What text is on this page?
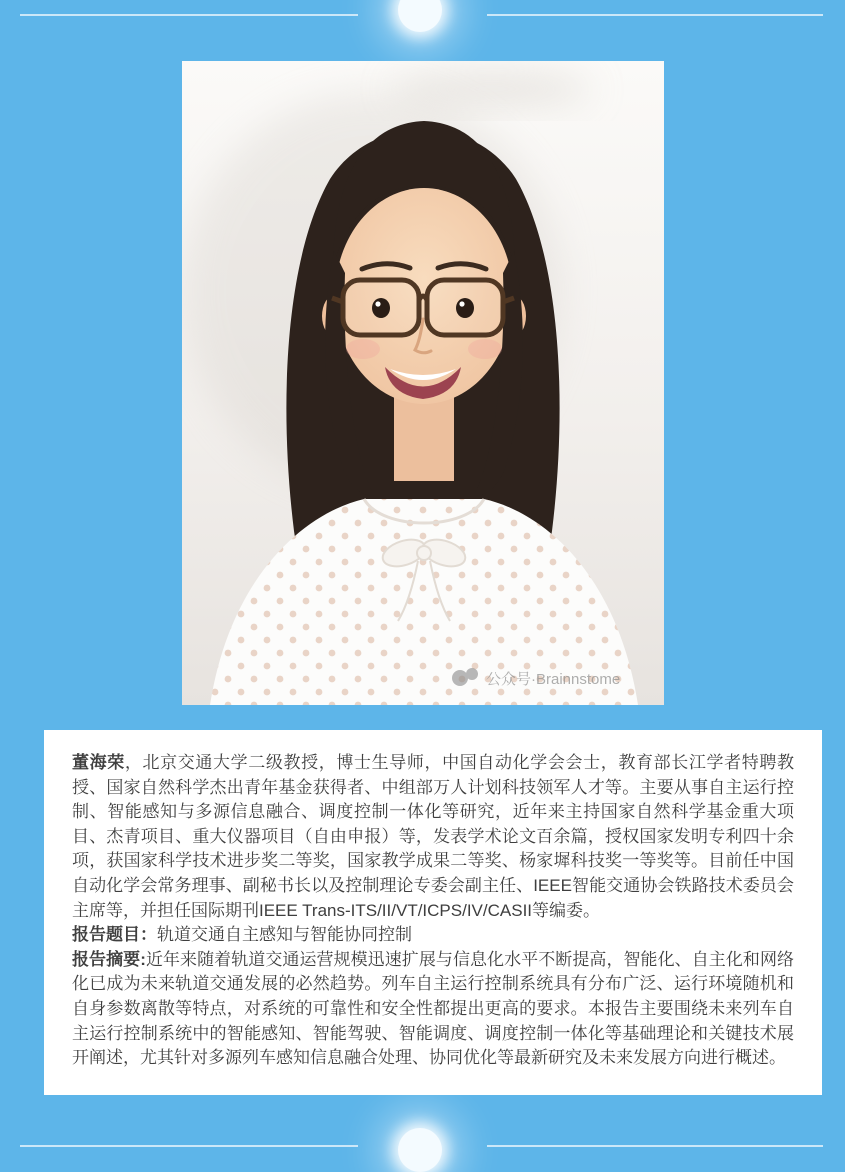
公众号·Brainnstome

董海荣，北京交通大学二级教授，博士生导师，中国自动化学会会士，教育部长江学者特聘教授、国家自然科学杰出青年基金获得者、中组部万人计划科技领军人才等。主要从事自主运行控制、智能感知与多源信息融合、调度控制一体化等研究，近年来主持国家自然科学基金重大项目、杰青项目、重大仪器项目（自由申报）等，发表学术论文百余篇，授权国家发明专利四十余项，获国家科学技术进步奖二等奖，国家教学成果二等奖、杨家墀科技奖一等奖等。目前任中国自动化学会常务理事、副秘书长以及控制理论专委会副主任、IEEE智能交通协会铁路技术委员会主席等，并担任国际期刊IEEE Trans-ITS/II/VT/ICPS/IV/CASII等编委。

报告题目：轨道交通自主感知与智能协同控制

报告摘要:近年来随着轨道交通运营规模迅速扩展与信息化水平不断提高，智能化、自主化和网络化已成为未来轨道交通发展的必然趋势。列车自主运行控制系统具有分布广泛、运行环境随机和自身参数离散等特点，对系统的可靠性和安全性都提出更高的要求。本报告主要围绕未来列车自主运行控制系统中的智能感知、智能驾驶、智能调度、调度控制一体化等基础理论和关键技术展开阐述，尤其针对多源列车感知信息融合处理、协同优化等最新研究及未来发展方向进行概述。
